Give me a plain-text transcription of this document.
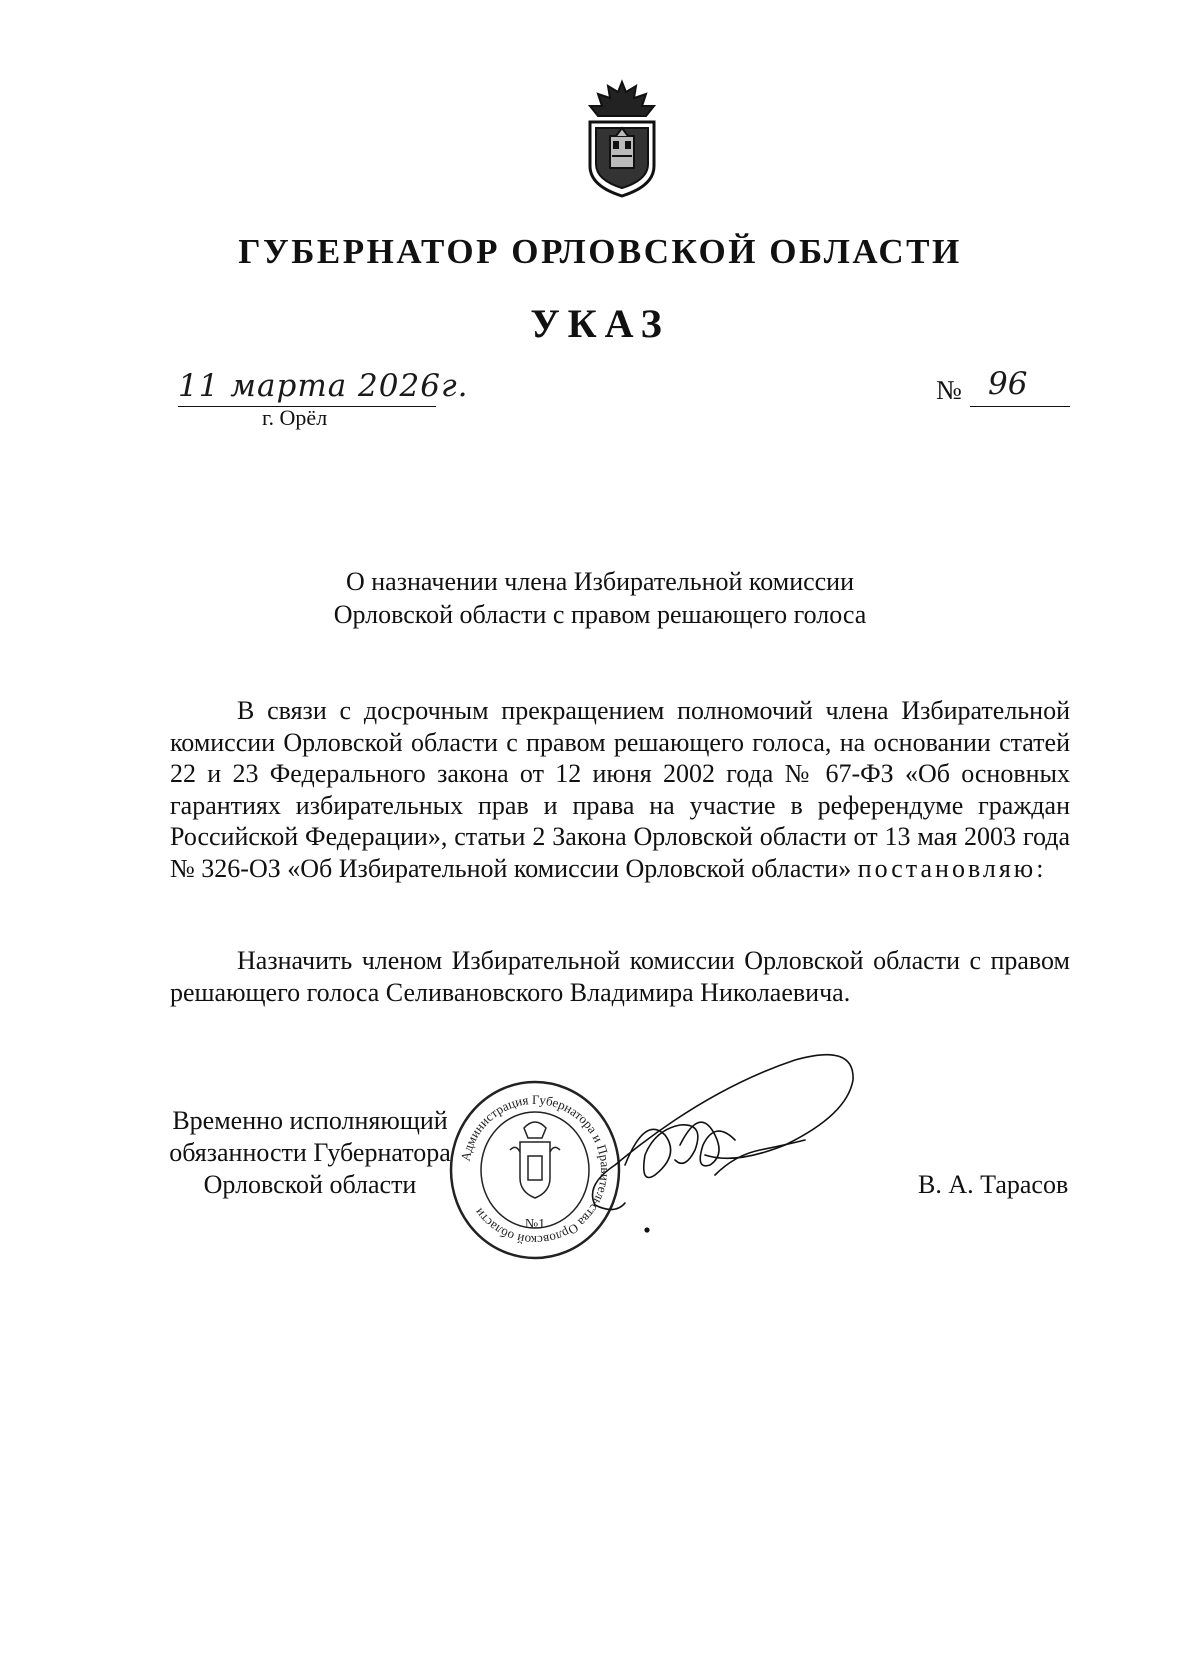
ГУБЕРНАТОР ОРЛОВСКОЙ ОБЛАСТИ
УКАЗ
11 марта 2026г.
г. Орёл
№ 96
О назначении члена Избирательной комиссии
Орловской области с правом решающего голоса
В связи с досрочным прекращением полномочий члена Избирательной комиссии Орловской области с правом решающего голоса, на основании статей 22 и 23 Федерального закона от 12 июня 2002 года № 67-ФЗ «Об основных гарантиях избирательных прав и права на участие в референдуме граждан Российской Федерации», статьи 2 Закона Орловской области от 13 мая 2003 года № 326-ОЗ «Об Избирательной комиссии Орловской области» постановляю:
Назначить членом Избирательной комиссии Орловской области с правом решающего голоса Селивановского Владимира Николаевича.
Временно исполняющий
обязанности Губернатора
Орловской области
Администрация Губернатора и Правительства Орловской области
№1
В. А. Тарасов
